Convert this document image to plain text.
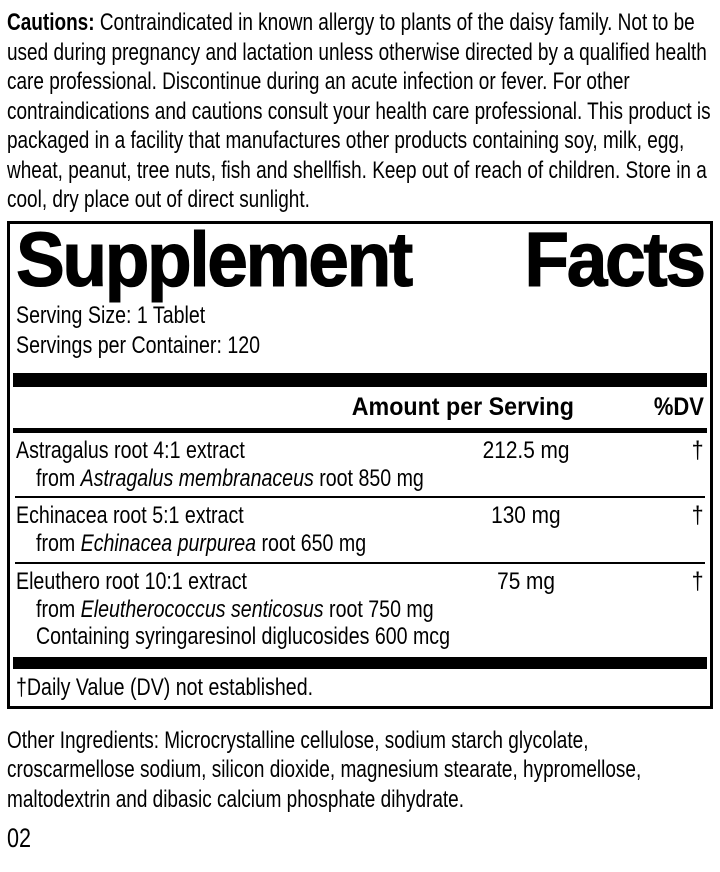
Cautions: Contraindicated in known allergy to plants of the daisy family. Not to be used during pregnancy and lactation unless otherwise directed by a qualified health care professional. Discontinue during an acute infection or fever. For other contraindications and cautions consult your health care professional. This product is packaged in a facility that manufactures other products containing soy, milk, egg, wheat, peanut, tree nuts, fish and shellfish. Keep out of reach of children. Store in a cool, dry place out of direct sunlight.
Supplement Facts
Serving Size: 1 Tablet
Servings per Container: 120
Amount per Serving	%DV
Astragalus root 4:1 extract	212.5 mg	†
from Astragalus membranaceus root 850 mg
Echinacea root 5:1 extract	130 mg	†
from Echinacea purpurea root 650 mg
Eleuthero root 10:1 extract	75 mg	†
from Eleutherococcus senticosus root 750 mg
Containing syringaresinol diglucosides 600 mcg
†Daily Value (DV) not established.
Other Ingredients: Microcrystalline cellulose, sodium starch glycolate, croscarmellose sodium, silicon dioxide, magnesium stearate, hypromellose, maltodextrin and dibasic calcium phosphate dihydrate.
02
